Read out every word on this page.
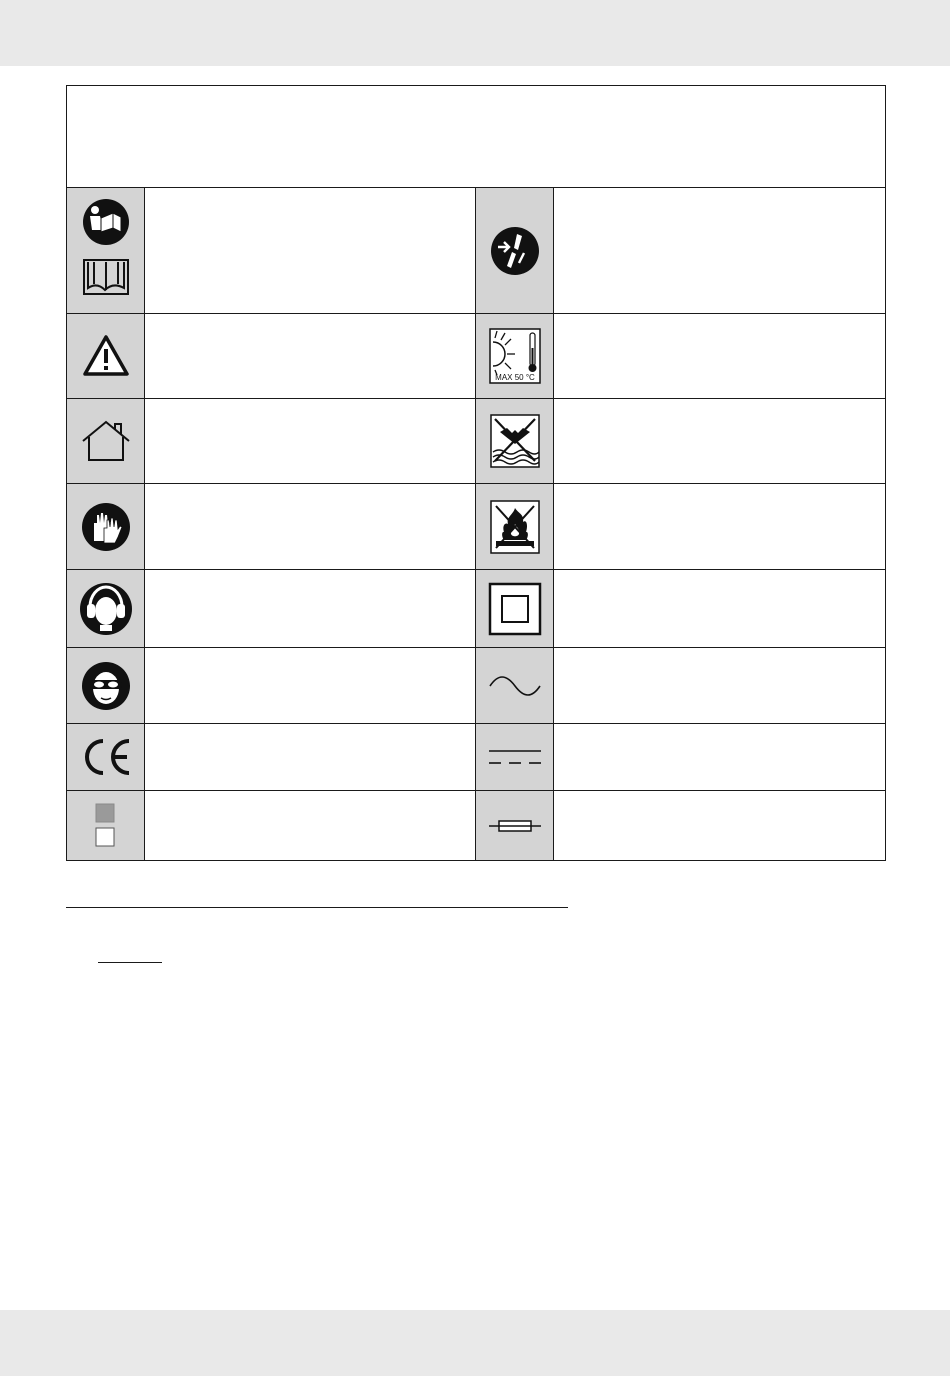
MAX 50 °C	
